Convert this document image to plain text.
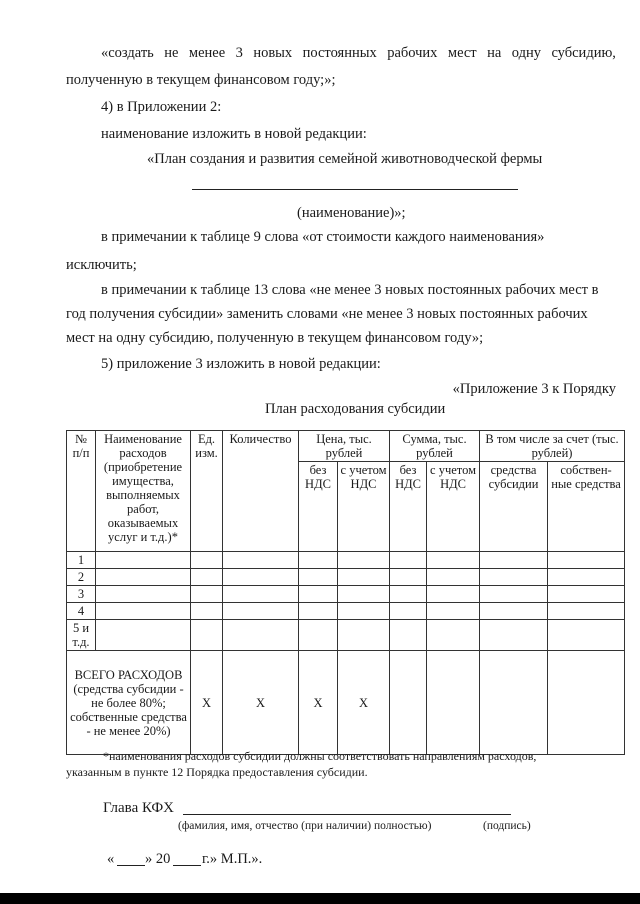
«создать не менее 3 новых постоянных рабочих мест на одну субсидию,
полученную в текущем финансовом году;»;
4) в Приложении 2:
наименование изложить в новой редакции:
«План создания и развития семейной животноводческой фермы
(наименование)»;
в примечании к таблице 9 слова «от стоимости каждого наименования»
исключить;
в примечании к таблице 13 слова «не менее 3 новых постоянных рабочих мест в
год получения субсидии» заменить словами «не менее 3 новых постоянных рабочих
мест на одну субсидию, полученную в текущем финансовом году»;
5) приложение 3 изложить в новой редакции:
«Приложение 3 к Порядку
План расходования субсидии
№ п/п	Наименование расходов (приобретение имущества, выполняемых работ, оказываемых услуг и т.д.)*	Ед. изм.	Количество	Цена, тыс. рублей		Сумма, тыс. рублей		В том числе за счет (тыс. рублей)	
				без НДС	с учетом НДС	без НДС	с учетом НДС	средства субсидии	собствен-ные средства
1									
2									
3									
4									
5 и т.д.									
ВСЕГО РАСХОДОВ (средства субсидии - не более 80%; собственные средства - не менее 20%)		X	X	X	X				
*наименования расходов субсидии должны соответствовать направлениям расходов,
указанным в пункте 12 Порядка предоставления субсидии.
Глава КФХ
(фамилия, имя, отчество (при наличии) полностью)	(подпись)
« » 20 г.» М.П.».
